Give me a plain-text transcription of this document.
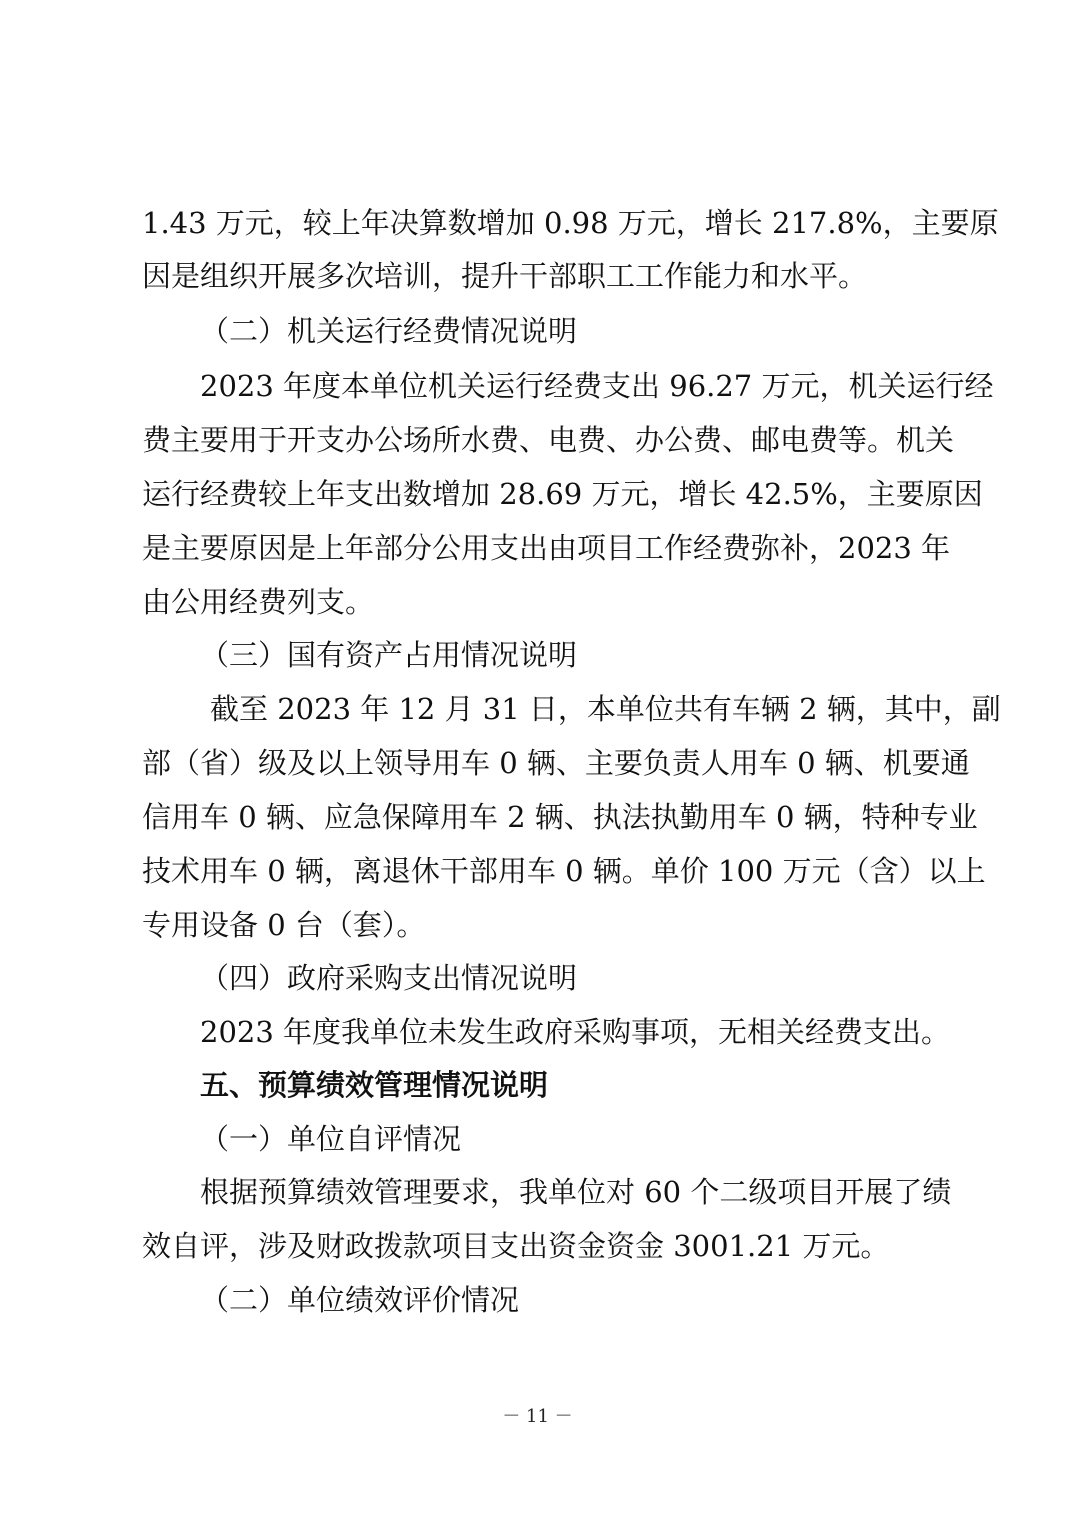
1.43 万元，较上年决算数增加 0.98 万元，增长 217.8%，主要原
因是组织开展多次培训，提升干部职工工作能力和水平。
（二）机关运行经费情况说明
2023 年度本单位机关运行经费支出 96.27 万元，机关运行经
费主要用于开支办公场所水费、电费、办公费、邮电费等。机关
运行经费较上年支出数增加 28.69 万元，增长 42.5%，主要原因
是主要原因是上年部分公用支出由项目工作经费弥补，2023 年
由公用经费列支。
（三）国有资产占用情况说明
截至 2023 年 12 月 31 日，本单位共有车辆 2 辆，其中，副
部（省）级及以上领导用车 0 辆、主要负责人用车 0 辆、机要通
信用车 0 辆、应急保障用车 2 辆、执法执勤用车 0 辆，特种专业
技术用车 0 辆，离退休干部用车 0 辆。单价 100 万元（含）以上
专用设备 0 台（套）。
（四）政府采购支出情况说明
2023 年度我单位未发生政府采购事项，无相关经费支出。
五、预算绩效管理情况说明
（一）单位自评情况
根据预算绩效管理要求，我单位对 60 个二级项目开展了绩
效自评，涉及财政拨款项目支出资金资金 3001.21 万元。
（二）单位绩效评价情况
－ 11 －
